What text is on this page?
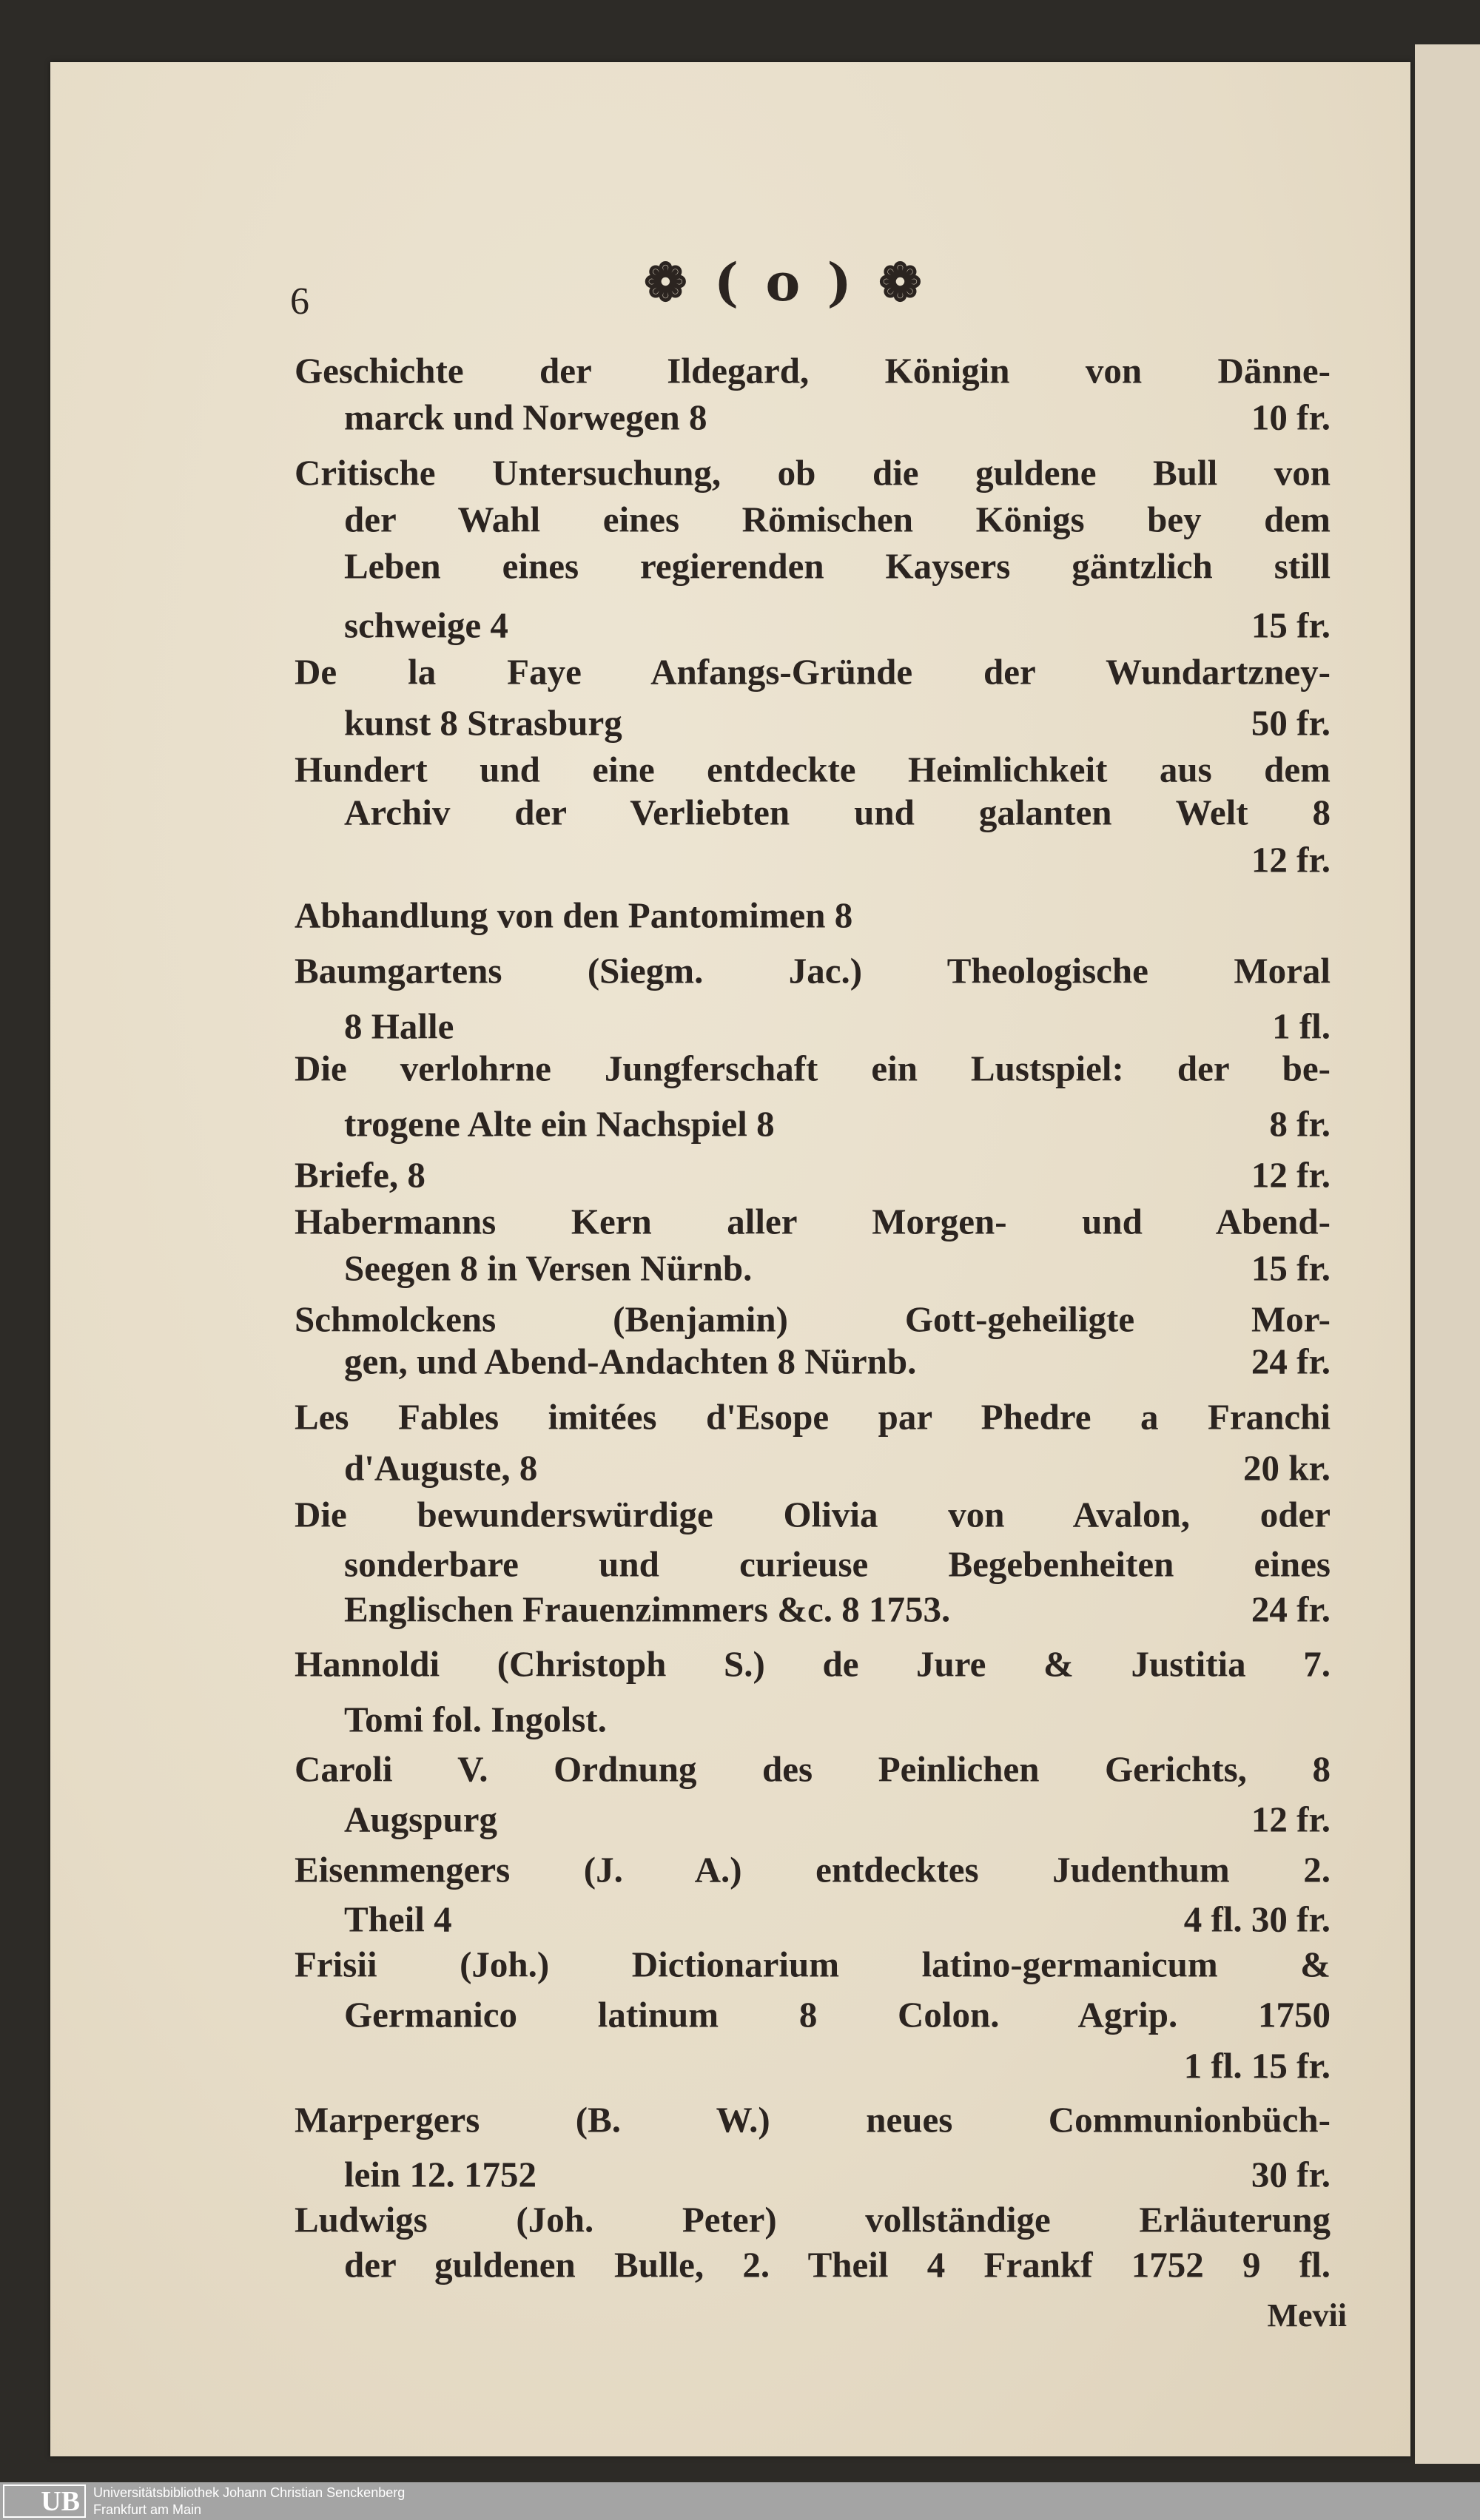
6	❁ ( o ) ❁
Mevii
Geschichte der Ildegard, Königin von Dänne-
marck und Norwegen 8
Critische Untersuchung, ob die guldene Bull von
der Wahl eines Römischen Königs bey dem
Leben eines regierenden Kaysers gäntzlich still
schweige 4
De la Faye Anfangs-Gründe der Wundartzney-
kunst 8 Strasburg
Hundert und eine entdeckte Heimlichkeit aus dem
Archiv der Verliebten und galanten Welt 8
Abhandlung von den Pantomimen 8
Baumgartens (Siegm. Jac.) Theologische Moral
8 Halle
Die verlohrne Jungferschaft ein Lustspiel: der be-
trogene Alte ein Nachspiel 8
Briefe, 8
Habermanns Kern aller Morgen- und Abend-
Seegen 8 in Versen Nürnb.
Schmolckens (Benjamin) Gott-geheiligte Mor-
gen, und Abend-Andachten 8 Nürnb.
Les Fables imitées d'Esope par Phedre a Franchi
d'Auguste, 8
Die bewunderswürdige Olivia von Avalon, oder
sonderbare und curieuse Begebenheiten eines
Englischen Frauenzimmers &c. 8 1753.
Hannoldi (Christoph S.) de Jure & Justitia 7.
Tomi fol. Ingolst.
Caroli V. Ordnung des Peinlichen Gerichts, 8
Augspurg
Eisenmengers (J. A.) entdecktes Judenthum 2.
Theil 4
Frisii (Joh.) Dictionarium latino-germanicum &
Germanico latinum 8 Colon. Agrip. 1750
Marpergers (B. W.) neues Communionbüch-
lein 12. 1752
Ludwigs (Joh. Peter) vollständige Erläuterung
der guldenen Bulle, 2. Theil 4 Frankf 1752 9 fl.
10 fr.
15 fr.
50 fr.
12 fr.
1 fl.
8 fr.
12 fr.
15 fr.
24 fr.
20 kr.
24 fr.
12 fr.
4 fl. 30 fr.
1 fl. 15 fr.
30 fr.
UB	Universitätsbibliothek Johann Christian Senckenberg
Frankfurt am Main
